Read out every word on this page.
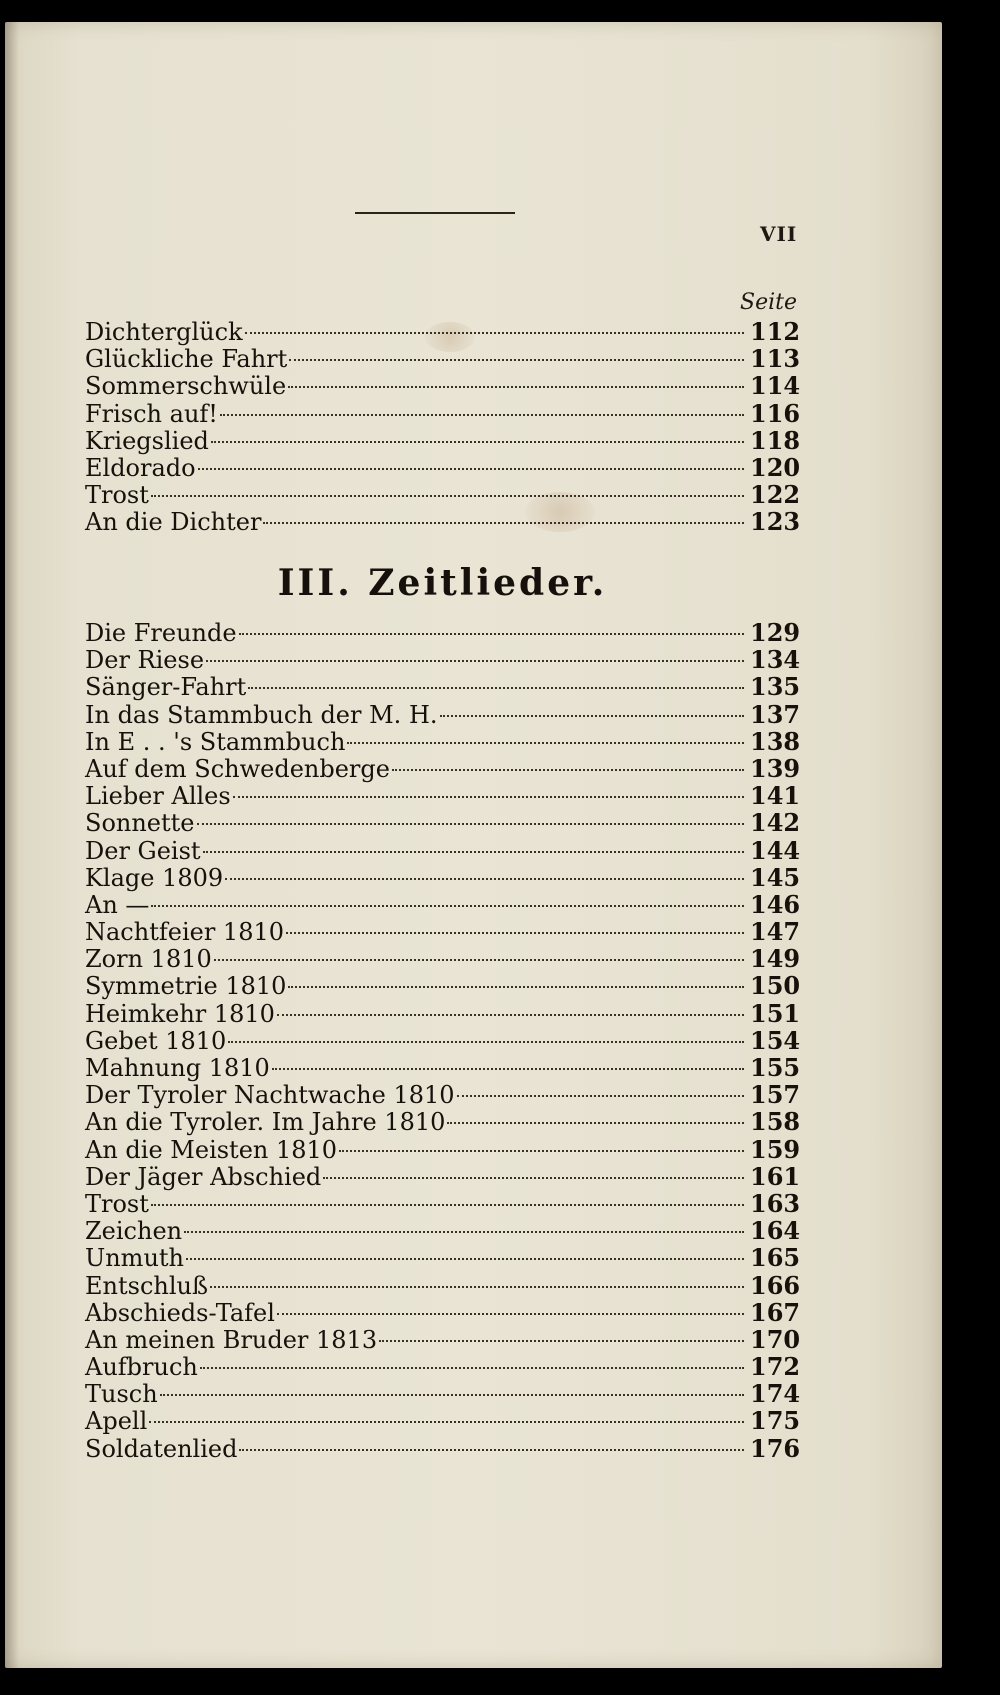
VII
Seite
Dichterglück	112
Glückliche Fahrt	113
Sommerschwüle	114
Frisch auf!	116
Kriegslied	118
Eldorado	120
Trost	122
An die Dichter	123
III. Zeitlieder.
Die Freunde	129
Der Riese	134
Sänger-Fahrt	135
In das Stammbuch der M. H.	137
In E . . 's Stammbuch	138
Auf dem Schwedenberge	139
Lieber Alles	141
Sonnette	142
Der Geist	144
Klage 1809	145
An —	146
Nachtfeier 1810	147
Zorn 1810	149
Symmetrie 1810	150
Heimkehr 1810	151
Gebet 1810	154
Mahnung 1810	155
Der Tyroler Nachtwache 1810	157
An die Tyroler. Im Jahre 1810	158
An die Meisten 1810	159
Der Jäger Abschied	161
Trost	163
Zeichen	164
Unmuth	165
Entschluß	166
Abschieds-Tafel	167
An meinen Bruder 1813	170
Aufbruch	172
Tusch	174
Apell	175
Soldatenlied	176
